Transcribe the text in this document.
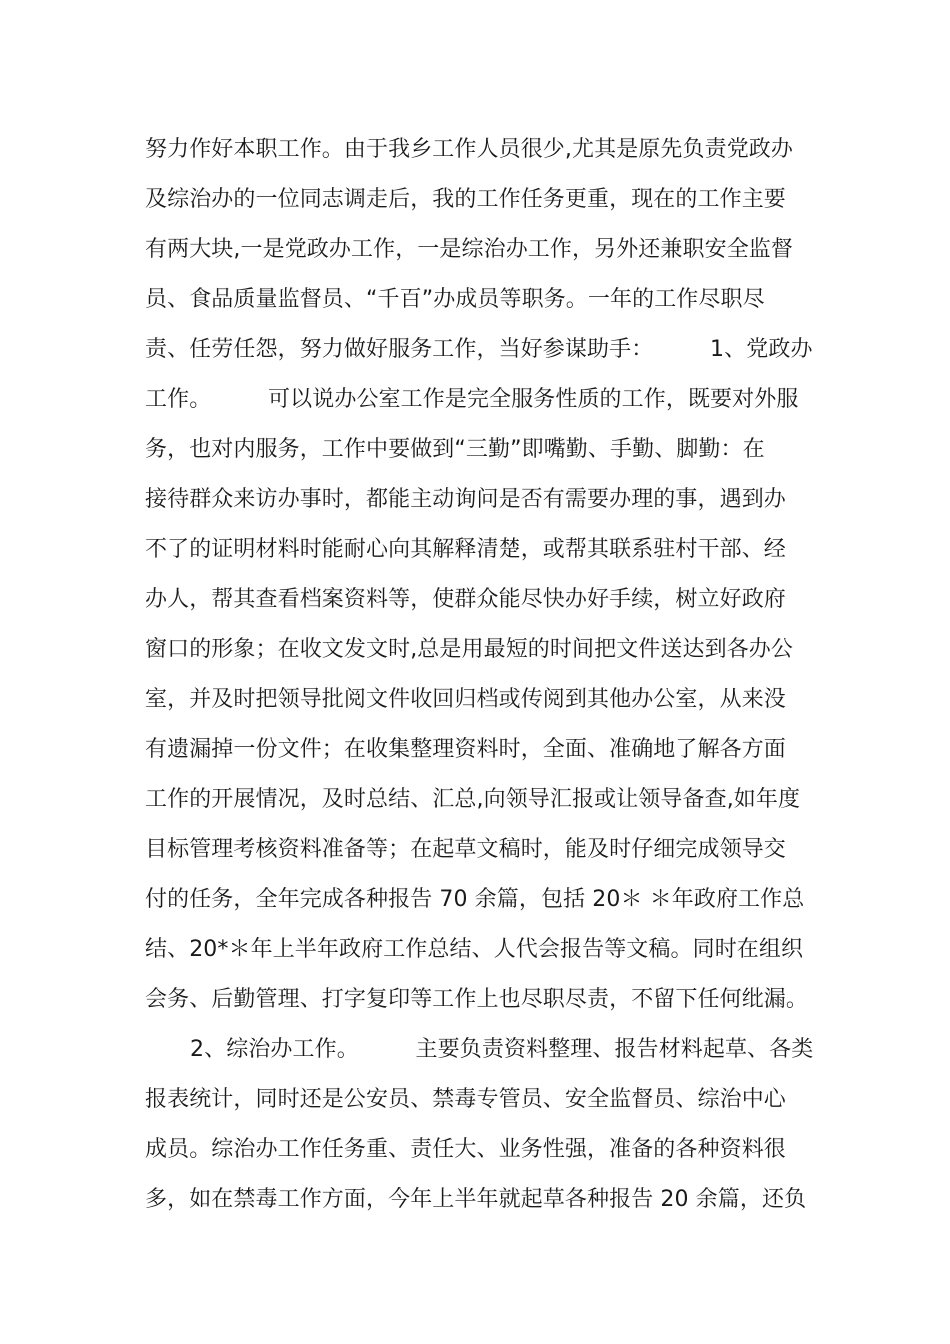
努力作好本职工作。由于我乡工作人员很少,尤其是原先负责党政办
及综治办的一位同志调走后，我的工作任务更重，现在的工作主要
有两大块,一是党政办工作，一是综治办工作，另外还兼职安全监督
员、食品质量监督员、“千百”办成员等职务。一年的工作尽职尽
责、任劳任怨，努力做好服务工作，当好参谋助手：        1、党政办
工作。        可以说办公室工作是完全服务性质的工作，既要对外服
务，也对内服务，工作中要做到“三勤”即嘴勤、手勤、脚勤：在
接待群众来访办事时，都能主动询问是否有需要办理的事，遇到办
不了的证明材料时能耐心向其解释清楚，或帮其联系驻村干部、经
办人，帮其查看档案资料等，使群众能尽快办好手续，树立好政府
窗口的形象；在收文发文时,总是用最短的时间把文件送达到各办公
室，并及时把领导批阅文件收回归档或传阅到其他办公室，从来没
有遗漏掉一份文件；在收集整理资料时，全面、准确地了解各方面
工作的开展情况，及时总结、汇总,向领导汇报或让领导备查,如年度
目标管理考核资料准备等；在起草文稿时，能及时仔细完成领导交
付的任务，全年完成各种报告 70 余篇，包括 20＊ ＊年政府工作总
结、20*＊年上半年政府工作总结、人代会报告等文稿。同时在组织
会务、后勤管理、打字复印等工作上也尽职尽责，不留下任何纰漏。
2、综治办工作。        主要负责资料整理、报告材料起草、各类
报表统计，同时还是公安员、禁毒专管员、安全监督员、综治中心
成员。综治办工作任务重、责任大、业务性强，准备的各种资料很
多，如在禁毒工作方面，今年上半年就起草各种报告 20 余篇，还负
